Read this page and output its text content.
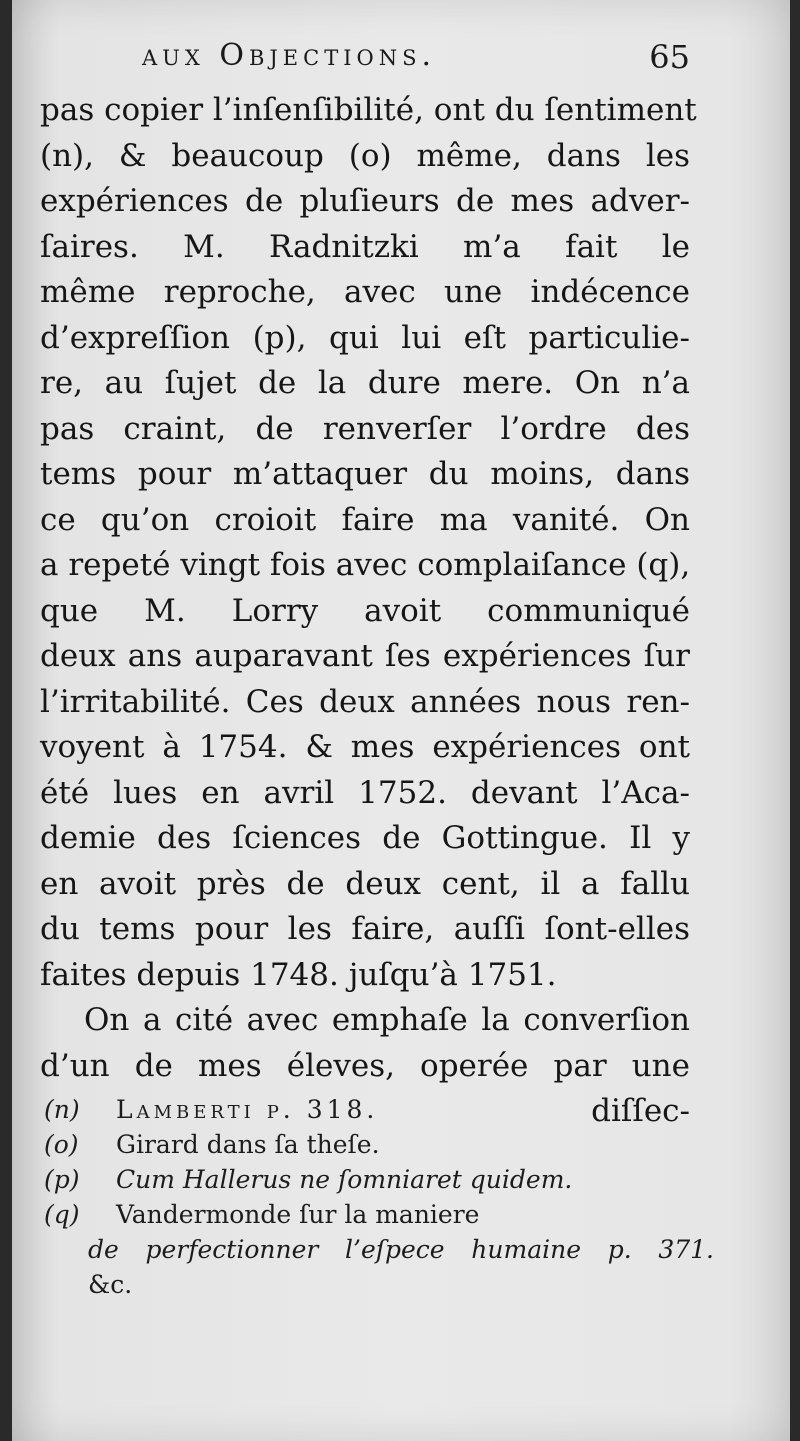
aux Objections.	65
pas copier l’inſenſibilité, ont du ſentiment
(n), & beaucoup (o) même, dans les
expériences de pluſieurs de mes adver-
ſaires. M. Radnitzki m’a fait le
même reproche, avec une indécence
d’expreſſion (p), qui lui eſt particulie-
re, au ſujet de la dure mere. On n’a
pas craint, de renverſer l’ordre des
tems pour m’attaquer du moins, dans
ce qu’on croioit faire ma vanité. On
a repeté vingt fois avec complaiſance (q),
que M. Lorry avoit communiqué
deux ans auparavant ſes expériences ſur
l’irritabilité. Ces deux années nous ren-
voyent à 1754. & mes expériences ont
été lues en avril 1752. devant l’Aca-
demie des ſciences de Gottingue. Il y
en avoit près de deux cent, il a fallu
du tems pour les faire, auſſi ſont-elles
faites depuis 1748. juſqu’à 1751.
On a cité avec emphaſe la converſion
d’un de mes éleves, operée par une
diſſec-
(n) Lamberti p. 318.
(o) Girard dans ſa theſe.
(p) Cum Hallerus ne ſomniaret quidem.
(q) Vandermonde ſur la maniere
de perfectionner l’eſpece humaine p. 371.
&c.
